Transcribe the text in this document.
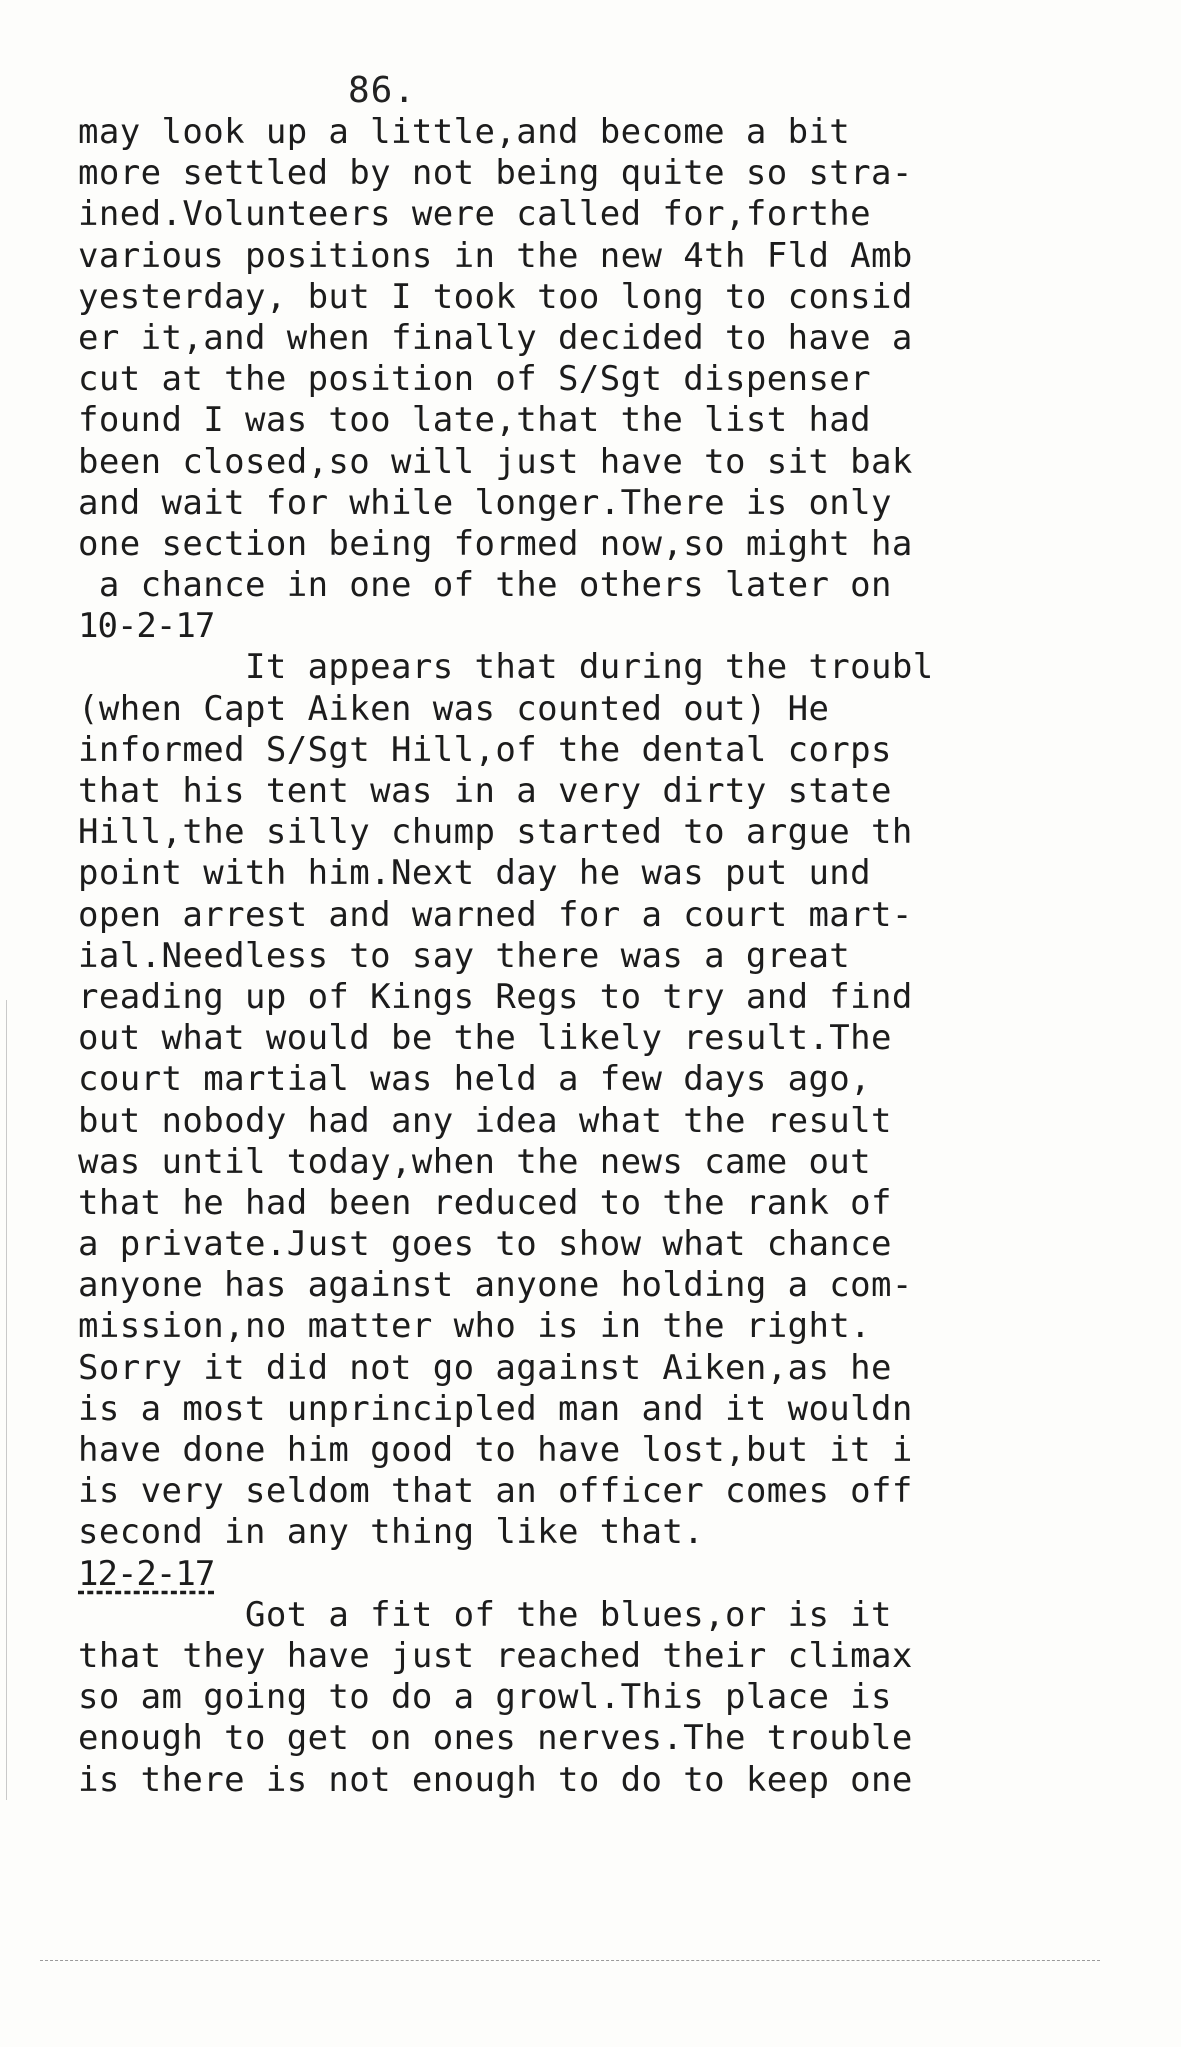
86.
may look up a little,and become a bit
more settled by not being quite so stra-
ined.Volunteers were called for,forthe
various positions in the new 4th Fld Amb
yesterday, but I took too long to consid
er it,and when finally decided to have a
cut at the position of S/Sgt dispenser
found I was too late,that the list had
been closed,so will just have to sit bak
and wait for while longer.There is only
one section being formed now,so might ha
a chance in one of the others later on
10-2-17
It appears that during the troubl
(when Capt Aiken was counted out) He
informed S/Sgt Hill,of the dental corps
that his tent was in a very dirty state
Hill,the silly chump started to argue th
point with him.Next day he was put und
open arrest and warned for a court mart-
ial.Needless to say there was a great
reading up of Kings Regs to try and find
out what would be the likely result.The
court martial was held a few days ago,
but nobody had any idea what the result
was until today,when the news came out
that he had been reduced to the rank of
a private.Just goes to show what chance
anyone has against anyone holding a com-
mission,no matter who is in the right.
Sorry it did not go against Aiken,as he
is a most unprincipled man and it wouldn
have done him good to have lost,but it i
is very seldom that an officer comes off
second in any thing like that.
12-2-17
Got a fit of the blues,or is it
that they have just reached their climax
so am going to do a growl.This place is
enough to get on ones nerves.The trouble
is there is not enough to do to keep one
